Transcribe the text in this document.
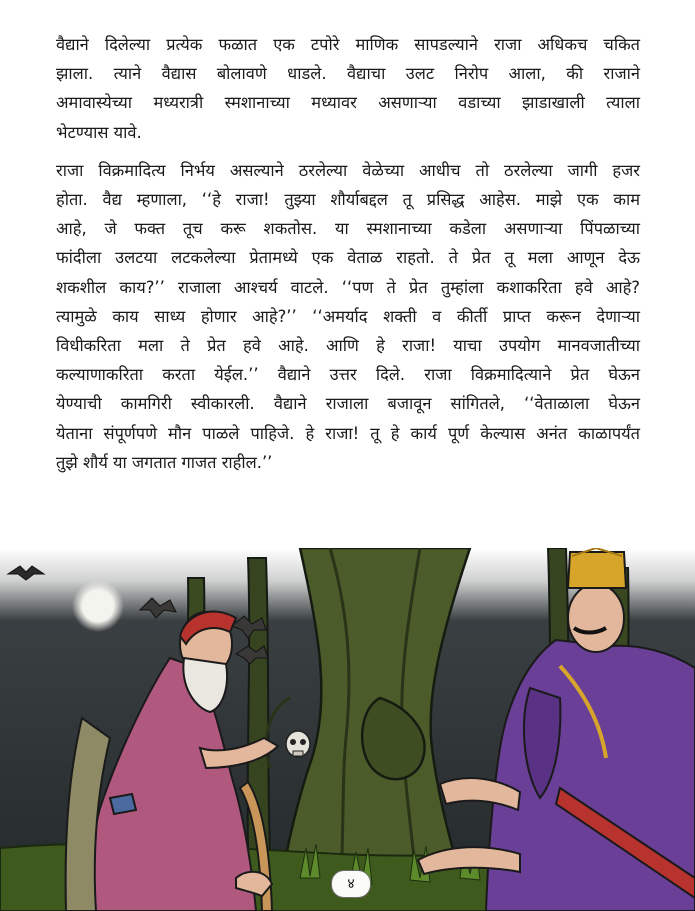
वैद्याने दिलेल्या प्रत्येक फळात एक टपोरे माणिक सापडल्याने राजा अधिकच चकित
झाला. त्याने वैद्यास बोलावणे धाडले. वैद्याचा उलट निरोप आला, की राजाने
अमावास्येच्या मध्यरात्री स्मशानाच्या मध्यावर असणाऱ्या वडाच्या झाडाखाली त्याला
भेटण्यास यावे.

राजा विक्रमादित्य निर्भय असल्याने ठरलेल्या वेळेच्या आधीच तो ठरलेल्या जागी हजर
होता. वैद्य म्हणाला, ‘‘हे राजा! तुझ्या शौर्याबद्दल तू प्रसिद्ध आहेस. माझे एक काम
आहे, जे फक्त तूच करू शकतोस. या स्मशानाच्या कडेला असणाऱ्या पिंपळाच्या
फांदीला उलटया लटकलेल्या प्रेतामध्ये एक वेताळ राहतो. ते प्रेत तू मला आणून देऊ
शकशील काय?’’ राजाला आश्चर्य वाटले. ‘‘पण ते प्रेत तुम्हांला कशाकरिता हवे आहे?
त्यामुळे काय साध्य होणार आहे?’’ ‘‘अमर्याद शक्ती व कीर्ती प्राप्त करून देणाऱ्या
विधीकरिता मला ते प्रेत हवे आहे. आणि हे राजा! याचा उपयोग मानवजातीच्या
कल्याणाकरिता करता येईल.’’ वैद्याने उत्तर दिले. राजा विक्रमादित्याने प्रेत घेऊन
येण्याची कामगिरी स्वीकारली. वैद्याने राजाला बजावून सांगितले, ‘‘वेताळाला घेऊन
येताना संपूर्णपणे मौन पाळले पाहिजे. हे राजा! तू हे कार्य पूर्ण केल्यास अनंत काळापर्यंत
तुझे शौर्य या जगतात गाजत राहील.’’

४
